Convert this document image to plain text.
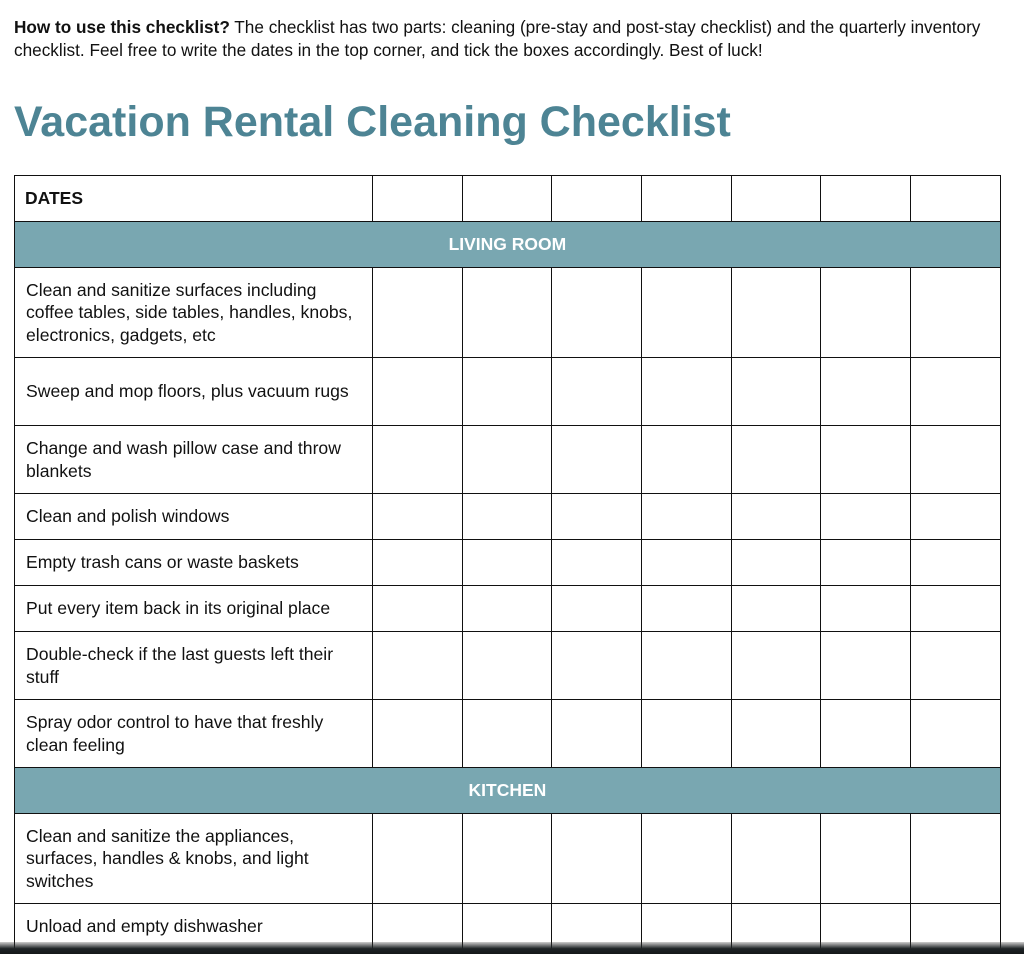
How to use this checklist? The checklist has two parts: cleaning (pre-stay and post-stay checklist) and the quarterly inventory checklist. Feel free to write the dates in the top corner, and tick the boxes accordingly. Best of luck!
Vacation Rental Cleaning Checklist
DATES							
LIVING ROOM							
Clean and sanitize surfaces including coffee tables, side tables, handles, knobs, electronics, gadgets, etc							
Sweep and mop floors, plus vacuum rugs							
Change and wash pillow case and throw blankets							
Clean and polish windows							
Empty trash cans or waste baskets							
Put every item back in its original place							
Double-check if the last guests left their stuff							
Spray odor control to have that freshly clean feeling							
KITCHEN							
Clean and sanitize the appliances, surfaces, handles & knobs, and light switches							
Unload and empty dishwasher							
